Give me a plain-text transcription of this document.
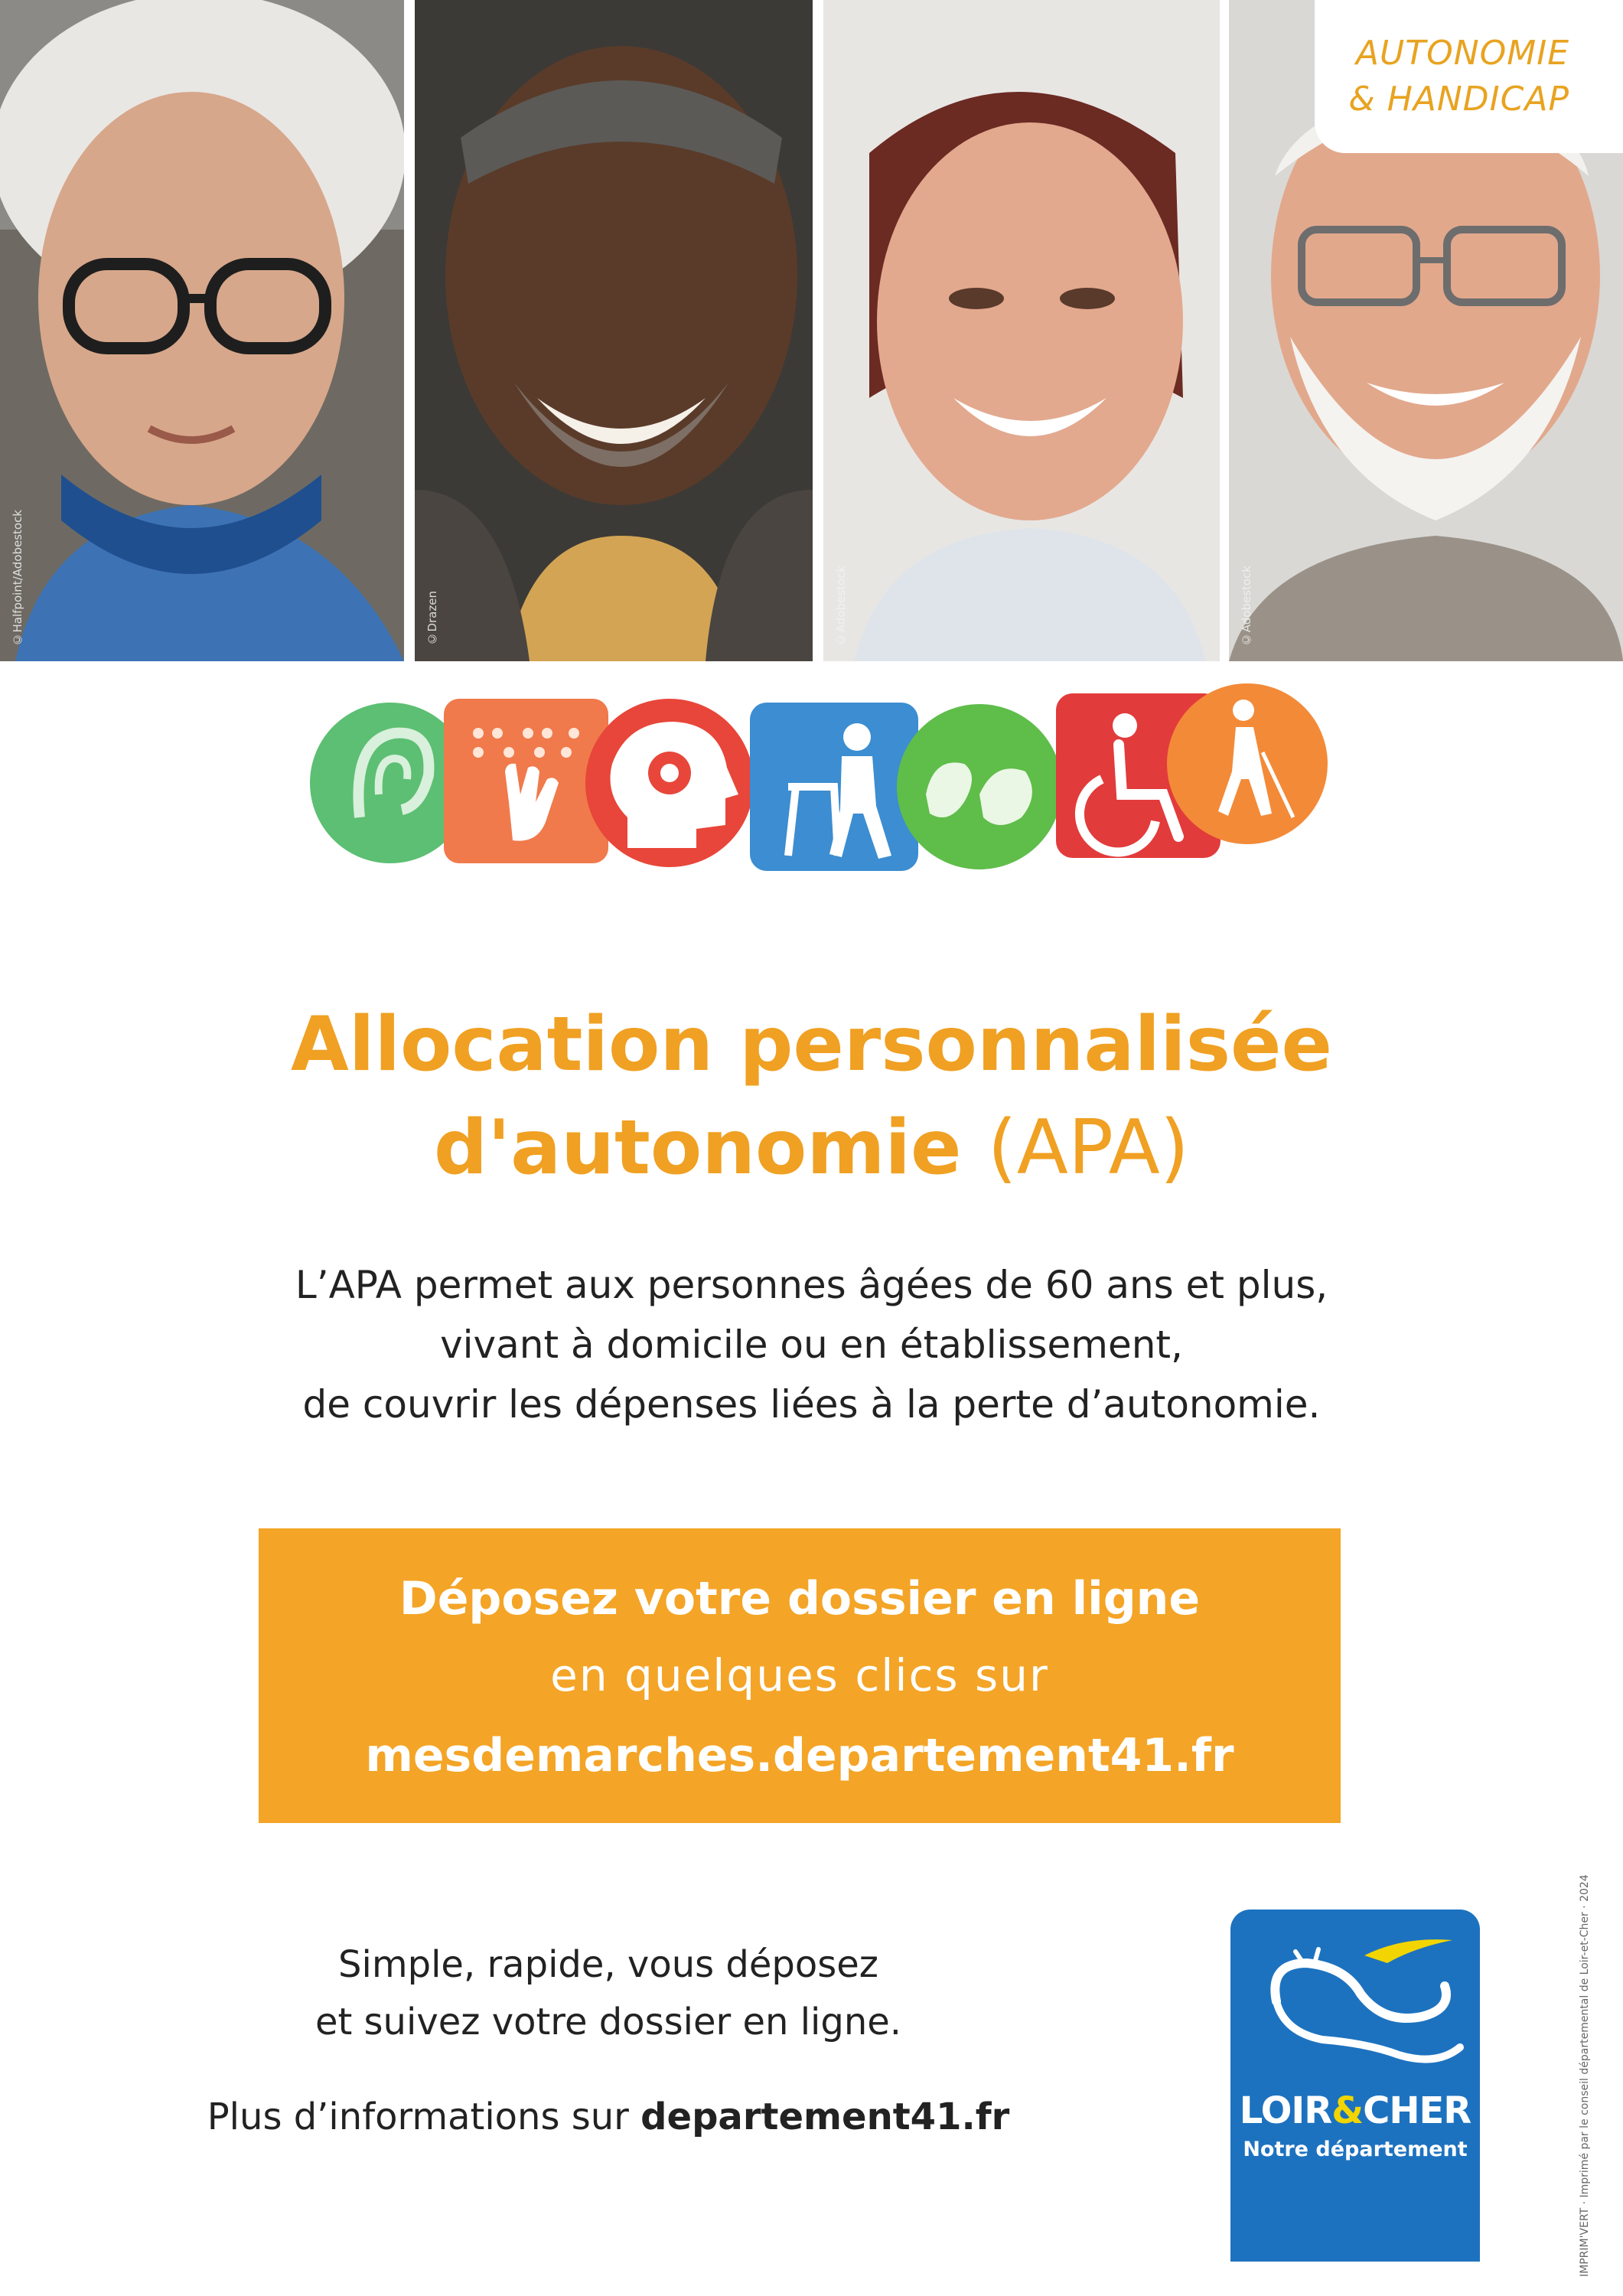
©Halfpoint/Adobestock	©Drazen	©Adobestock	©Adobestock
AUTONOMIE
& HANDICAP
Allocation personnalisée
d'autonomie (APA)
L’APA permet aux personnes âgées de 60 ans et plus,
vivant à domicile ou en établissement,
de couvrir les dépenses liées à la perte d’autonomie.
Déposez votre dossier en ligne
en quelques clics sur
mesdemarches.departement41.fr
Simple, rapide, vous déposez
et suivez votre dossier en ligne.
Plus d’informations sur departement41.fr	LOIR&CHER
Notre département	IMPRIM'VERT · Imprimé par le conseil départemental de Loir-et-Cher · 2024
